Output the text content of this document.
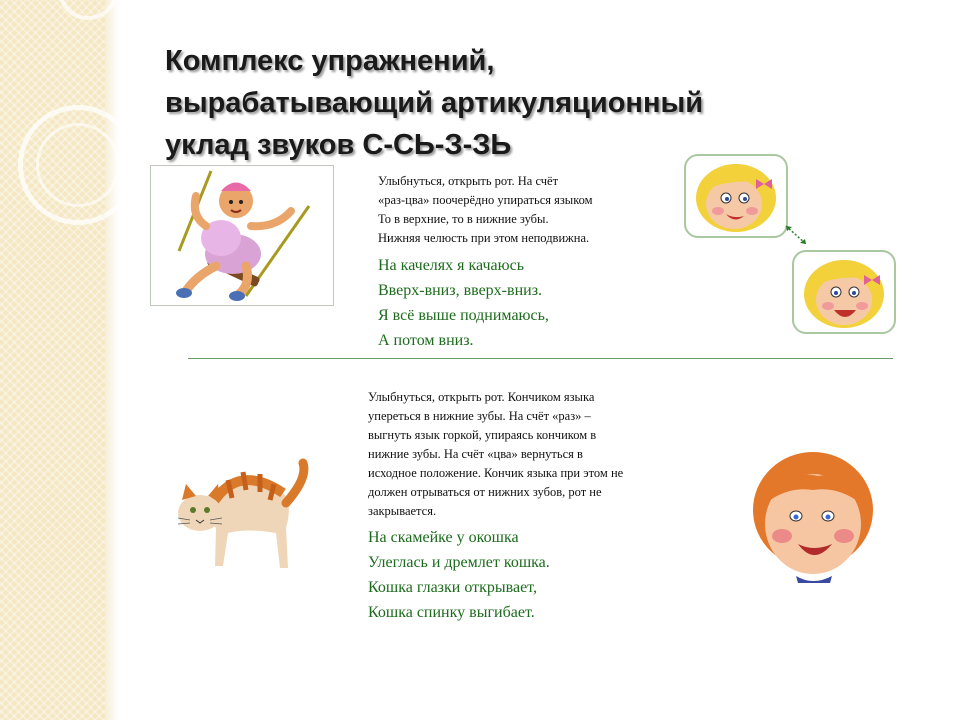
Комплекс упражнений,
вырабатывающий артикуляционный
уклад звуков С-СЬ-З-ЗЬ
Улыбнуться, открыть рот. На счёт
«раз-цва» поочерёдно упираться языком
То в верхние, то в нижние зубы.
Нижняя челюсть при этом неподвижна.
На качелях я качаюсь
Вверх-вниз, вверх-вниз.
Я всё выше поднимаюсь,
А потом вниз.
Улыбнуться, открыть рот. Кончиком языка
упереться в нижние зубы. На счёт «раз» –
выгнуть язык горкой, упираясь кончиком в
нижние зубы. На счёт «цва» вернуться в
исходное положение. Кончик языка при этом не
должен отрываться от нижних зубов, рот не
закрывается.
На скамейке у окошка
Улеглась и дремлет кошка.
Кошка глазки открывает,
Кошка спинку выгибает.
